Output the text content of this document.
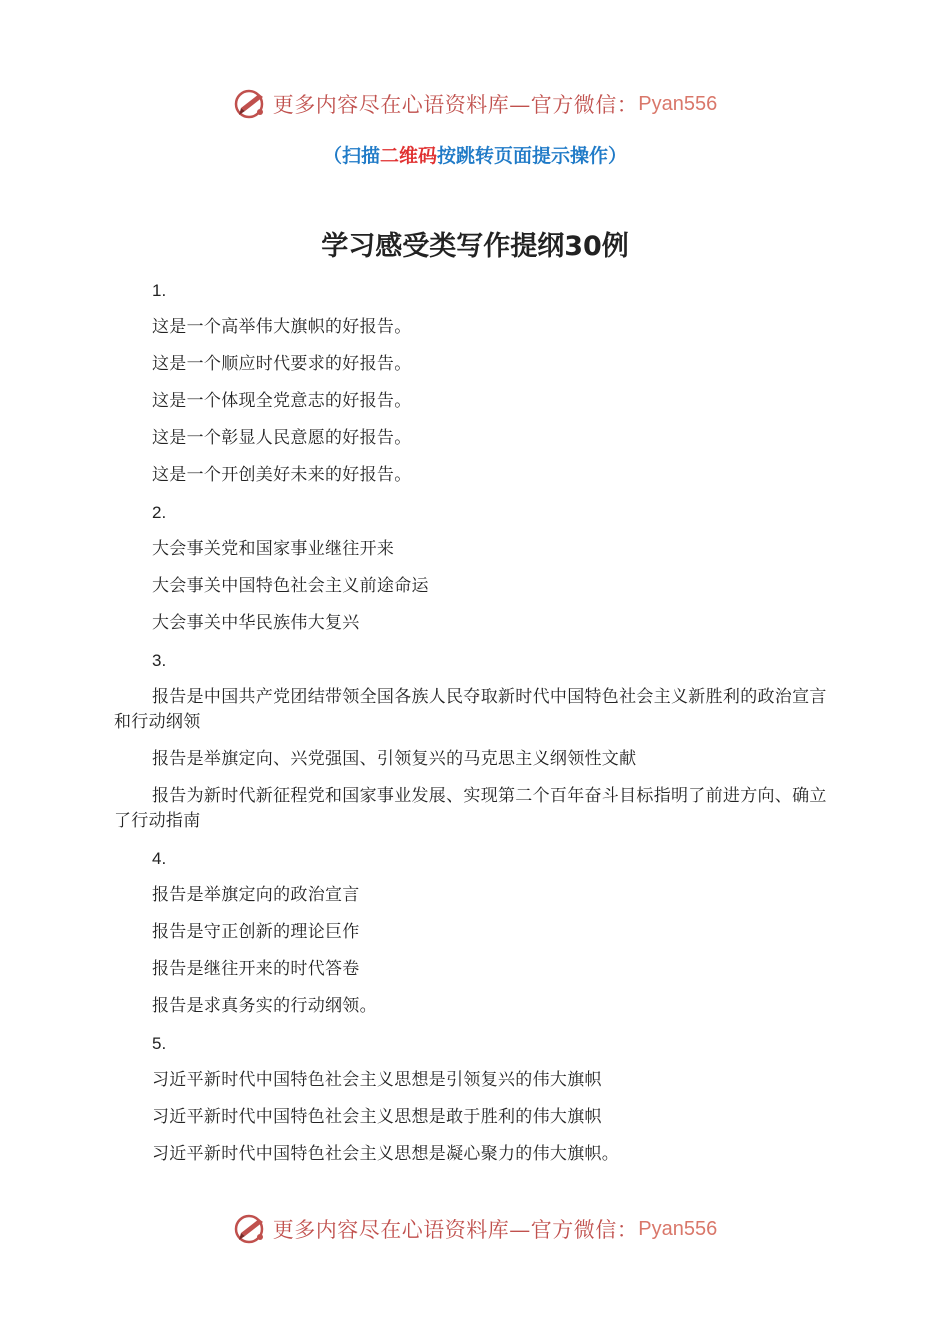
更多内容尽在心语资料库—官方微信： Pyan556
（扫描二维码按跳转页面提示操作）
学习感受类写作提纲30例
1.
这是一个高举伟大旗帜的好报告。
这是一个顺应时代要求的好报告。
这是一个体现全党意志的好报告。
这是一个彰显人民意愿的好报告。
这是一个开创美好未来的好报告。
2.
大会事关党和国家事业继往开来
大会事关中国特色社会主义前途命运
大会事关中华民族伟大复兴
3.
报告是中国共产党团结带领全国各族人民夺取新时代中国特色社会主义新胜利的政治宣言和行动纲领
报告是举旗定向、兴党强国、引领复兴的马克思主义纲领性文献
报告为新时代新征程党和国家事业发展、实现第二个百年奋斗目标指明了前进方向、确立了行动指南
4.
报告是举旗定向的政治宣言
报告是守正创新的理论巨作
报告是继往开来的时代答卷
报告是求真务实的行动纲领。
5.
习近平新时代中国特色社会主义思想是引领复兴的伟大旗帜
习近平新时代中国特色社会主义思想是敢于胜利的伟大旗帜
习近平新时代中国特色社会主义思想是凝心聚力的伟大旗帜。
更多内容尽在心语资料库—官方微信： Pyan556
